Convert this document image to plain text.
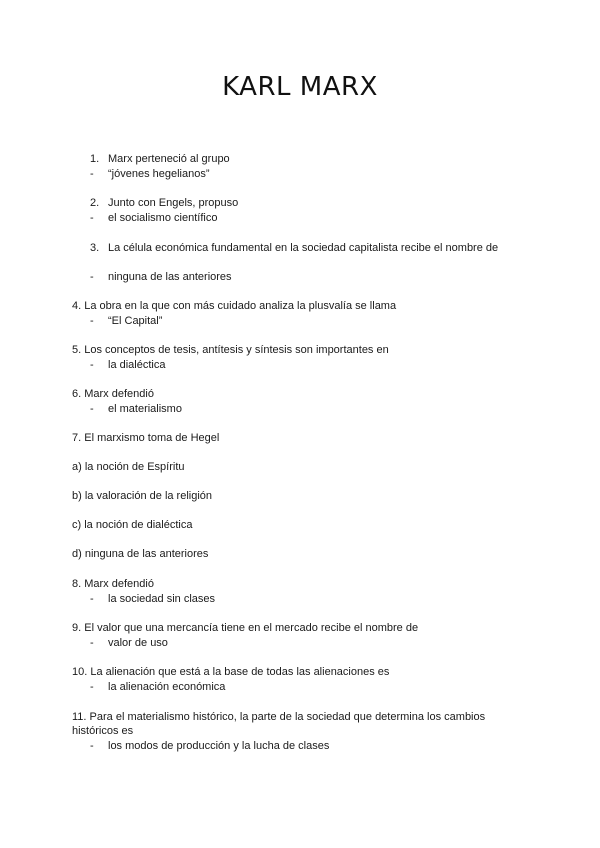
KARL MARX
1. Marx perteneció al grupo
- “jóvenes hegelianos”
2. Junto con Engels, propuso
- el socialismo científico
3. La célula económica fundamental en la sociedad capitalista recibe el nombre de
- ninguna de las anteriores
4. La obra en la que con más cuidado analiza la plusvalía se llama
- “El Capital”
5. Los conceptos de tesis, antítesis y síntesis son importantes en
- la dialéctica
6. Marx defendió
- el materialismo
7. El marxismo toma de Hegel
a) la noción de Espíritu
b) la valoración de la religión
c) la noción de dialéctica
d) ninguna de las anteriores
8. Marx defendió
- la sociedad sin clases
9. El valor que una mercancía tiene en el mercado recibe el nombre de
- valor de uso
10. La alienación que está a la base de todas las alienaciones es
- la alienación económica
11. Para el materialismo histórico, la parte de la sociedad que determina los cambios
históricos es
- los modos de producción y la lucha de clases
